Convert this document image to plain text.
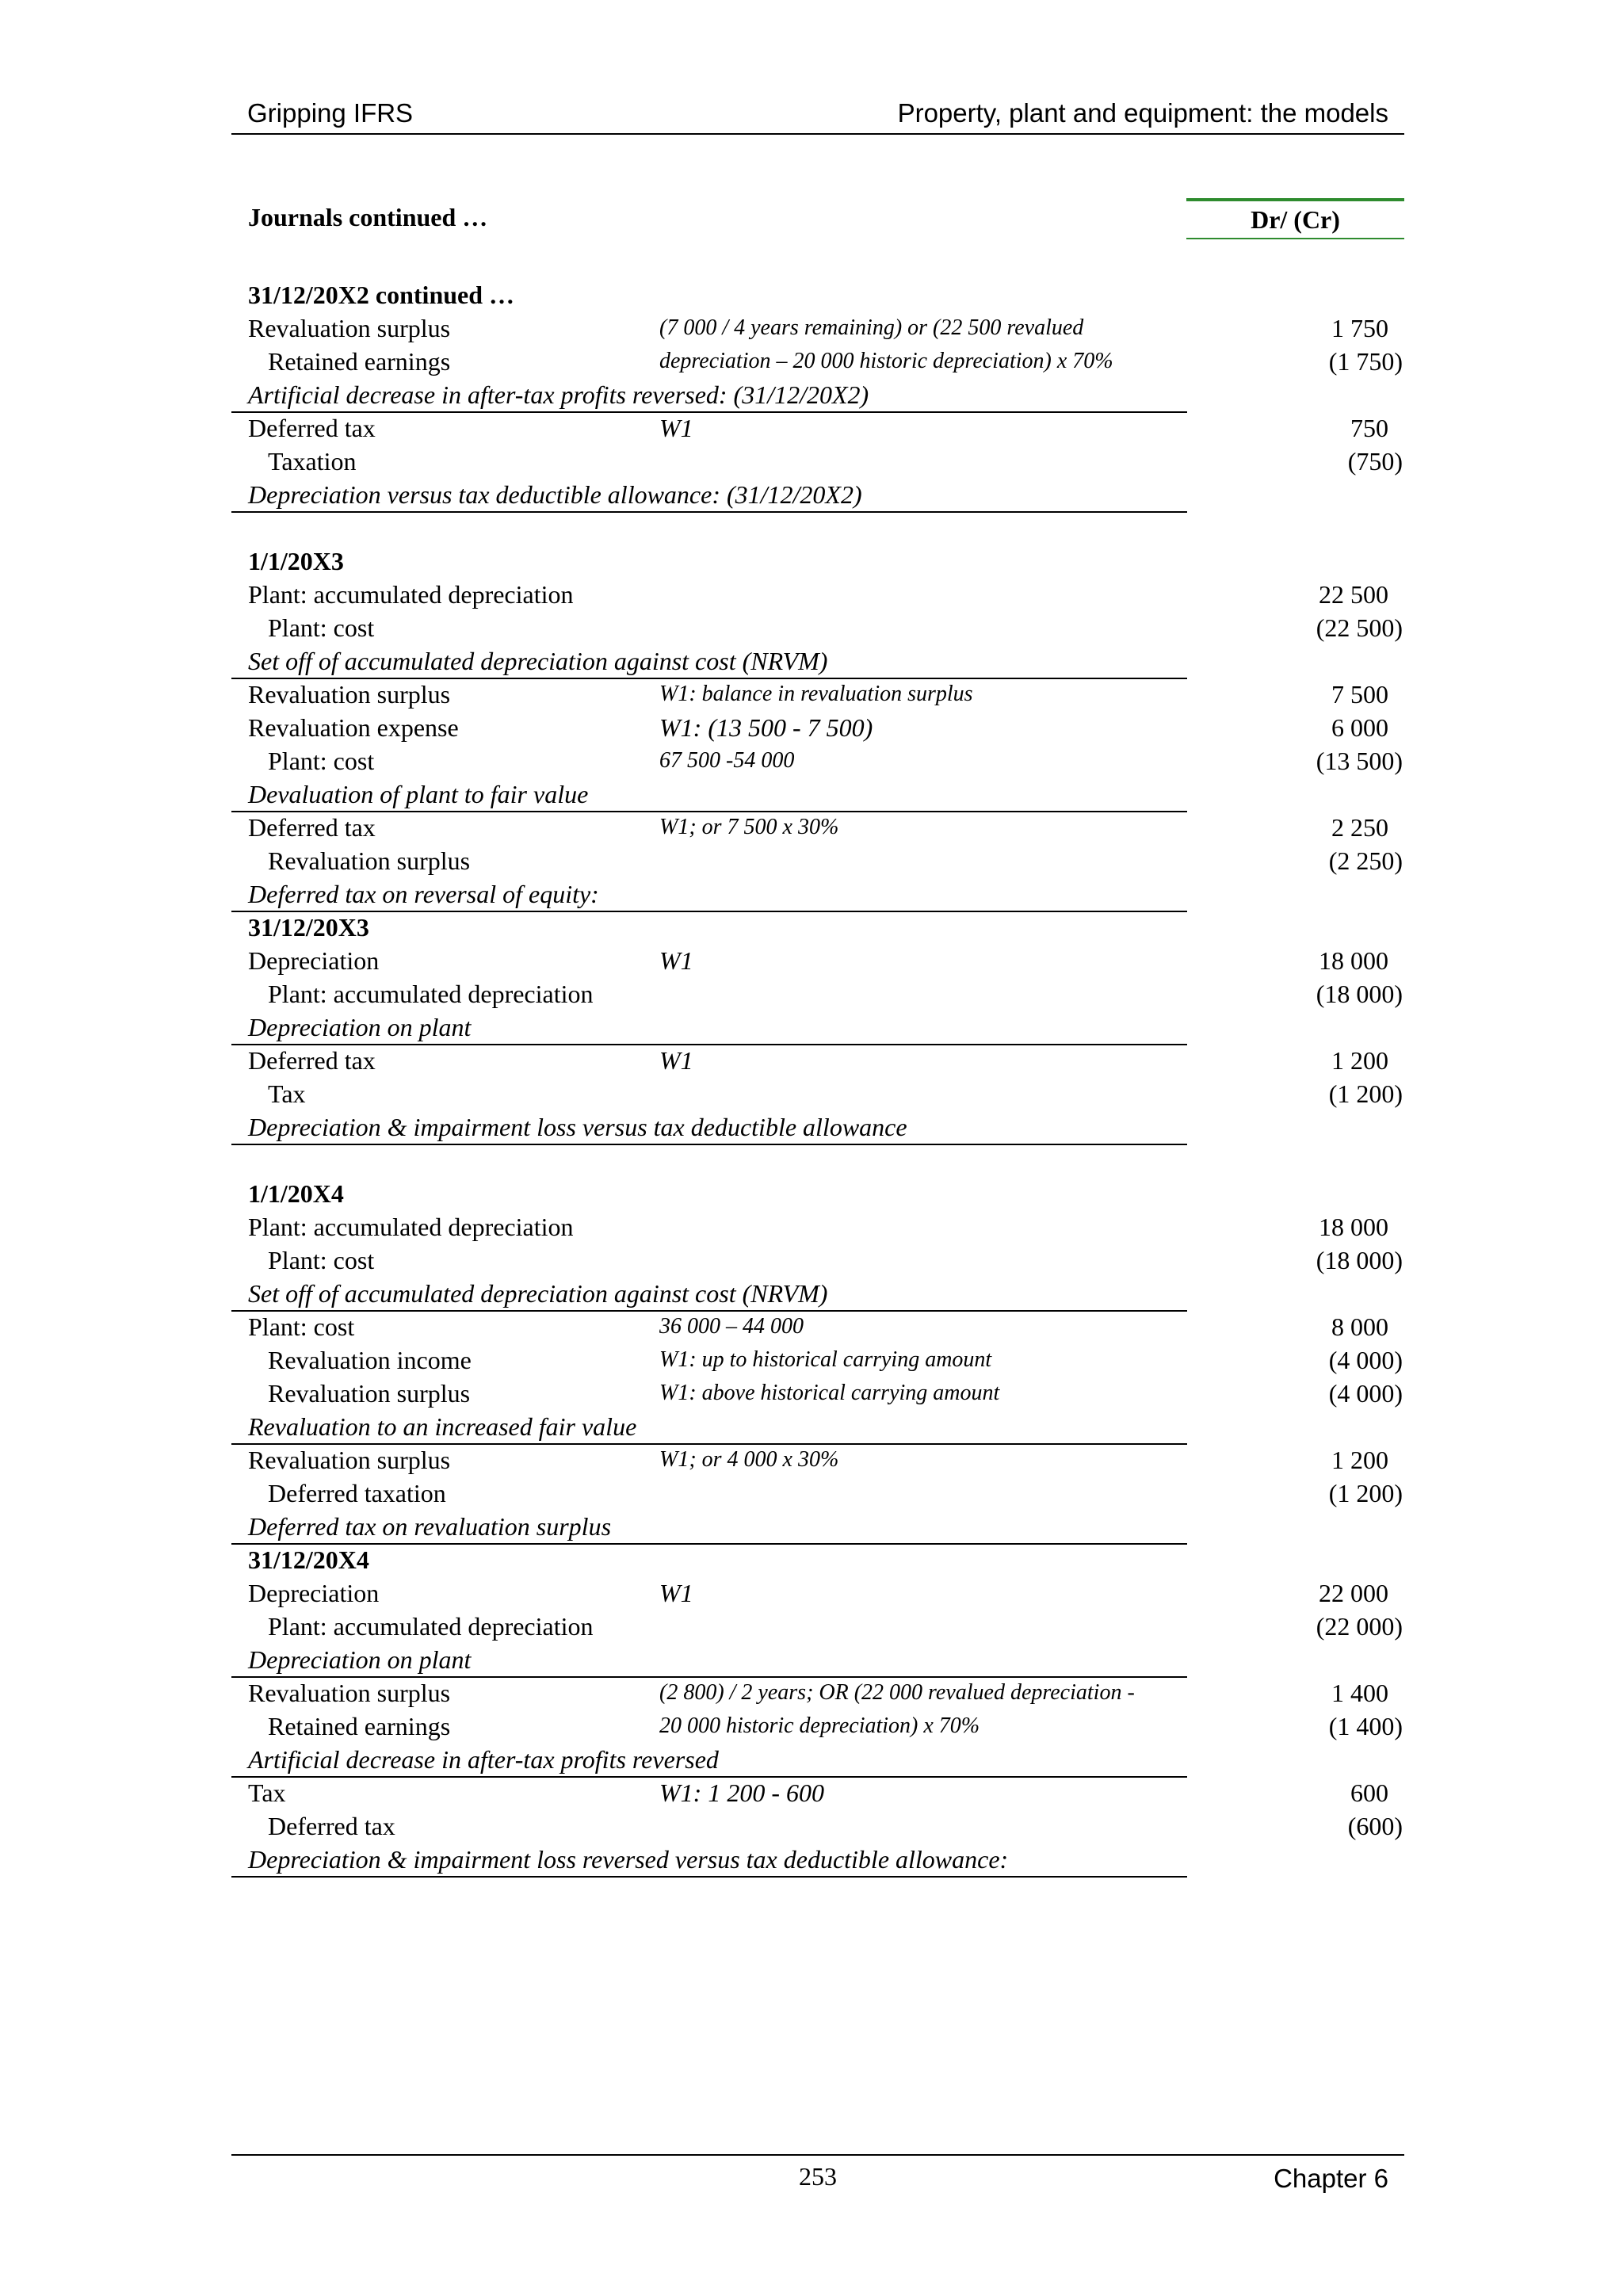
Gripping IFRS	Property, plant and equipment: the models
Journals continued …	Dr/ (Cr)
31/12/20X2 continued …
Revaluation surplus	(7 000 / 4 years remaining) or (22 500 revalued	1 750
Retained earnings	depreciation – 20 000 historic depreciation) x 70%	(1 750)
Artificial decrease in after-tax profits reversed: (31/12/20X2)
Deferred tax	W1	750
Taxation	(750)
Depreciation versus tax deductible allowance: (31/12/20X2)
1/1/20X3
Plant: accumulated depreciation	22 500
Plant: cost	(22 500)
Set off of accumulated depreciation against cost (NRVM)
Revaluation surplus	W1: balance in revaluation surplus	7 500
Revaluation expense	W1: (13 500 - 7 500)	6 000
Plant: cost	67 500 -54 000	(13 500)
Devaluation of plant to fair value
Deferred tax	W1; or 7 500 x 30%	2 250
Revaluation surplus	(2 250)
Deferred tax on reversal of equity:
31/12/20X3
Depreciation	W1	18 000
Plant: accumulated depreciation	(18 000)
Depreciation on plant
Deferred tax	W1	1 200
Tax	(1 200)
Depreciation & impairment loss versus tax deductible allowance
1/1/20X4
Plant: accumulated depreciation	18 000
Plant: cost	(18 000)
Set off of accumulated depreciation against cost (NRVM)
Plant: cost	36 000 – 44 000	8 000
Revaluation income	W1: up to historical carrying amount	(4 000)
Revaluation surplus	W1: above historical carrying amount	(4 000)
Revaluation to an increased fair value
Revaluation surplus	W1; or 4 000 x 30%	1 200
Deferred taxation	(1 200)
Deferred tax on revaluation surplus
31/12/20X4
Depreciation	W1	22 000
Plant: accumulated depreciation	(22 000)
Depreciation on plant
Revaluation surplus	(2 800) / 2 years; OR (22 000 revalued depreciation -	1 400
Retained earnings	20 000 historic depreciation) x 70%	(1 400)
Artificial decrease in after-tax profits reversed
Tax	W1: 1 200 - 600	600
Deferred tax	(600)
Depreciation & impairment loss reversed versus tax deductible allowance:
253	Chapter 6
